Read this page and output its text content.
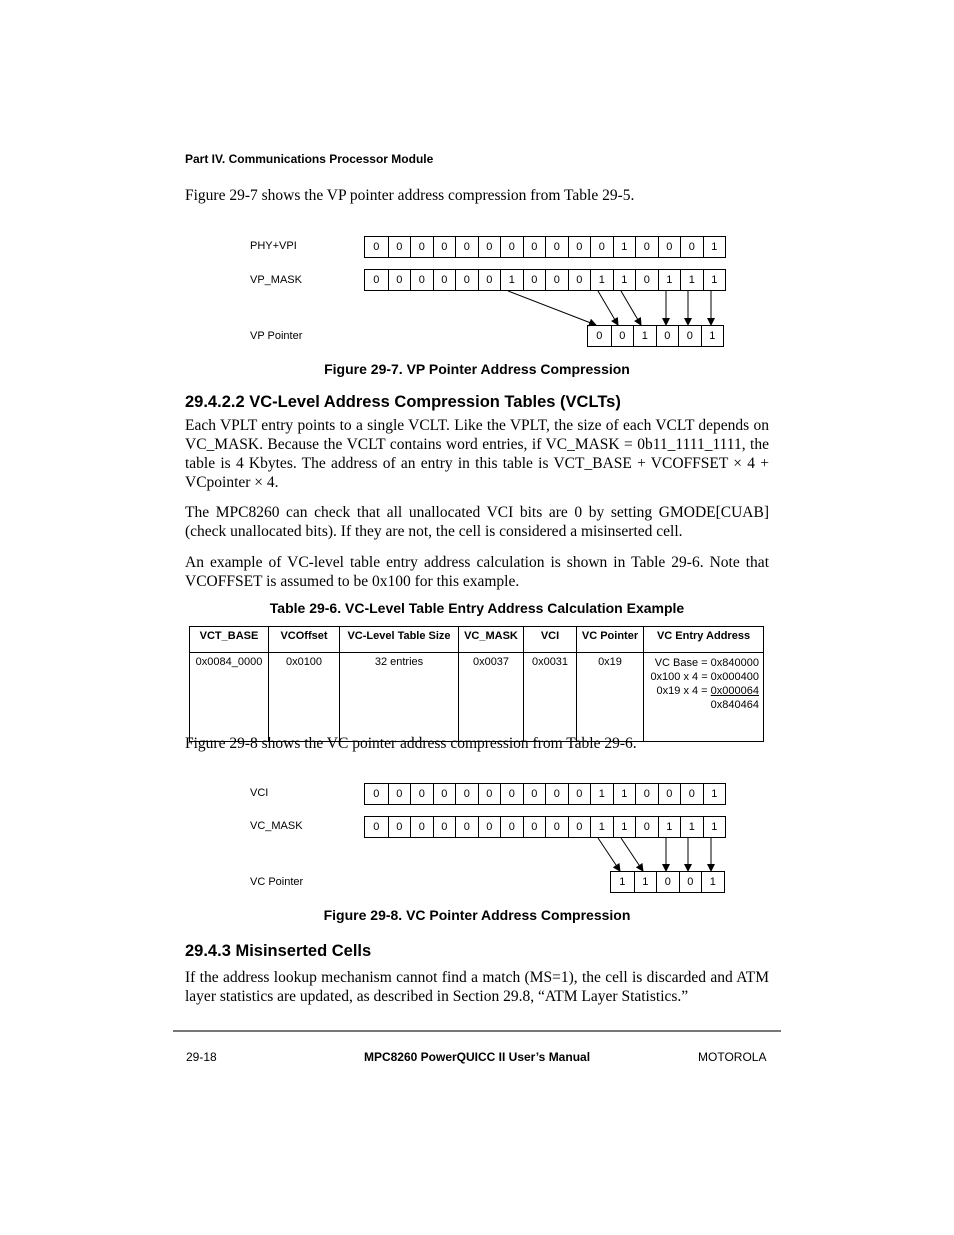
Part IV. Communications Processor Module
Figure 29-7 shows the VP pointer address compression from Table 29-5.
PHY+VPI
VP_MASK
VP Pointer
0	0	0	0	0	0	0	0	0	0	0	1	0	0	0	1
0	0	0	0	0	0	1	0	0	0	1	1	0	1	1	1
0	0	1	0	0	1
Figure 29-7. VP Pointer Address Compression
29.4.2.2 VC-Level Address Compression Tables (VCLTs)
Each VPLT entry points to a single VCLT. Like the VPLT, the size of each VCLT depends on VC_MASK. Because the VCLT contains word entries, if VC_MASK = 0b11_1111_1111, the table is 4 Kbytes. The address of an entry in this table is VCT_BASE + VCOFFSET × 4 + VCpointer × 4.
The MPC8260 can check that all unallocated VCI bits are 0 by setting GMODE[CUAB] (check unallocated bits). If they are not, the cell is considered a misinserted cell.
An example of VC-level table entry address calculation is shown in Table 29-6. Note that VCOFFSET is assumed to be 0x100 for this example.
Table 29-6. VC-Level Table Entry Address Calculation Example
VCT_BASE	VCOffset	VC-Level Table Size	VC_MASK	VCI	VC Pointer	VC Entry Address
0x0084_0000	0x0100	32 entries	0x0037	0x0031	0x19	VC Base = 0x840000
0x100 x 4 = 0x000400
0x19 x 4 = 0x000064
0x840464
Figure 29-8 shows the VC pointer address compression from Table 29-6.
VCI
VC_MASK
VC Pointer
0	0	0	0	0	0	0	0	0	0	1	1	0	0	0	1
0	0	0	0	0	0	0	0	0	0	1	1	0	1	1	1
1	1	0	0	1
Figure 29-8. VC Pointer Address Compression
29.4.3 Misinserted Cells
If the address lookup mechanism cannot find a match (MS=1), the cell is discarded and ATM layer statistics are updated, as described in Section 29.8, “ATM Layer Statistics.”
29-18	MPC8260 PowerQUICC II User’s Manual	MOTOROLA
